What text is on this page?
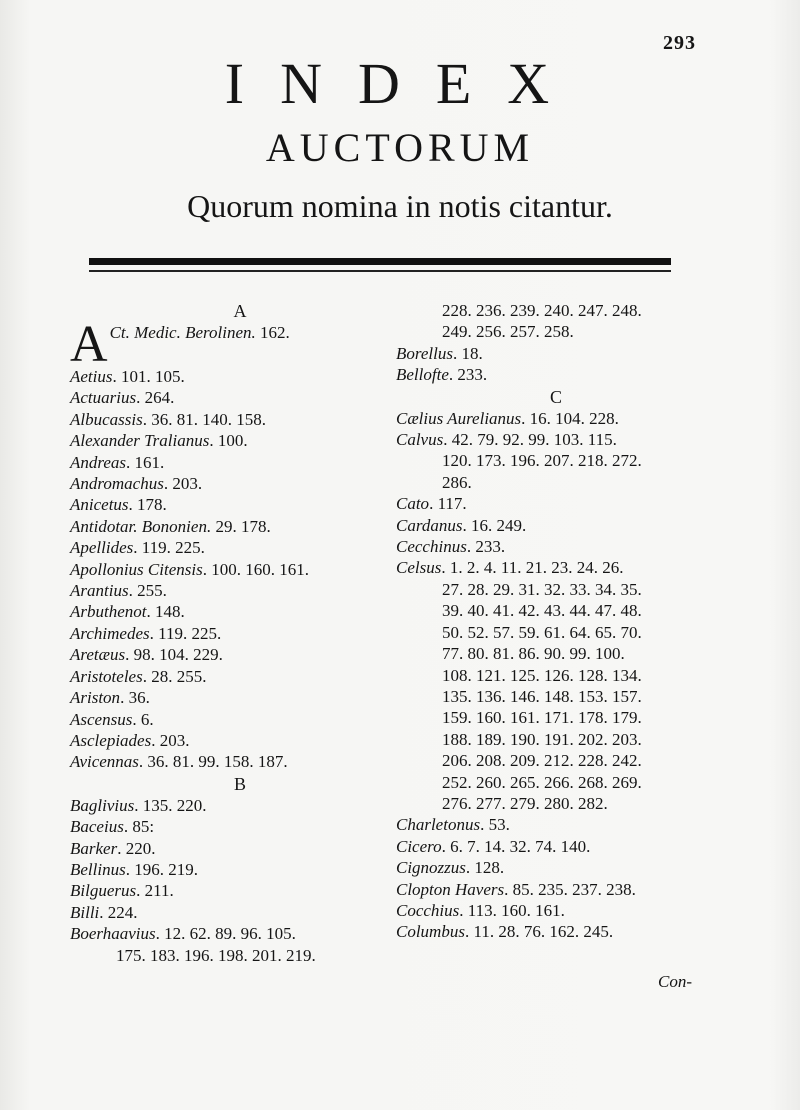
293
INDEX
AUCTORUM
Quorum nomina in notis citantur.
A
A Ct. Medic. Berolinen. 162.
Aetius. 101. 105.
Actuarius. 264.
Albucassis. 36. 81. 140. 158.
Alexander Tralianus. 100.
Andreas. 161.
Andromachus. 203.
Anicetus. 178.
Antidotar. Bononien. 29. 178.
Apellides. 119. 225.
Apollonius Citensis. 100. 160. 161.
Arantius. 255.
Arbuthenot. 148.
Archimedes. 119. 225.
Aretæus. 98. 104. 229.
Aristoteles. 28. 255.
Ariston. 36.
Ascensus. 6.
Asclepiades. 203.
Avicennas. 36. 81. 99. 158. 187.
B
Baglivius. 135. 220.
Baceius. 85:
Barker. 220.
Bellinus. 196. 219.
Bilguerus. 211.
Billi. 224.
Boerhaavius. 12. 62. 89. 96. 105.
175. 183. 196. 198. 201. 219.
228. 236. 239. 240. 247. 248.
249. 256. 257. 258.
Borellus. 18.
Bellofte. 233.
C
Cælius Aurelianus. 16. 104. 228.
Calvus. 42. 79. 92. 99. 103. 115.
120. 173. 196. 207. 218. 272.
286.
Cato. 117.
Cardanus. 16. 249.
Cecchinus. 233.
Celsus. 1. 2. 4. 11. 21. 23. 24. 26.
27. 28. 29. 31. 32. 33. 34. 35.
39. 40. 41. 42. 43. 44. 47. 48.
50. 52. 57. 59. 61. 64. 65. 70.
77. 80. 81. 86. 90. 99. 100.
108. 121. 125. 126. 128. 134.
135. 136. 146. 148. 153. 157.
159. 160. 161. 171. 178. 179.
188. 189. 190. 191. 202. 203.
206. 208. 209. 212. 228. 242.
252. 260. 265. 266. 268. 269.
276. 277. 279. 280. 282.
Charletonus. 53.
Cicero. 6. 7. 14. 32. 74. 140.
Cignozzus. 128.
Clopton Havers. 85. 235. 237. 238.
Cocchius. 113. 160. 161.
Columbus. 11. 28. 76. 162. 245.
Con-
